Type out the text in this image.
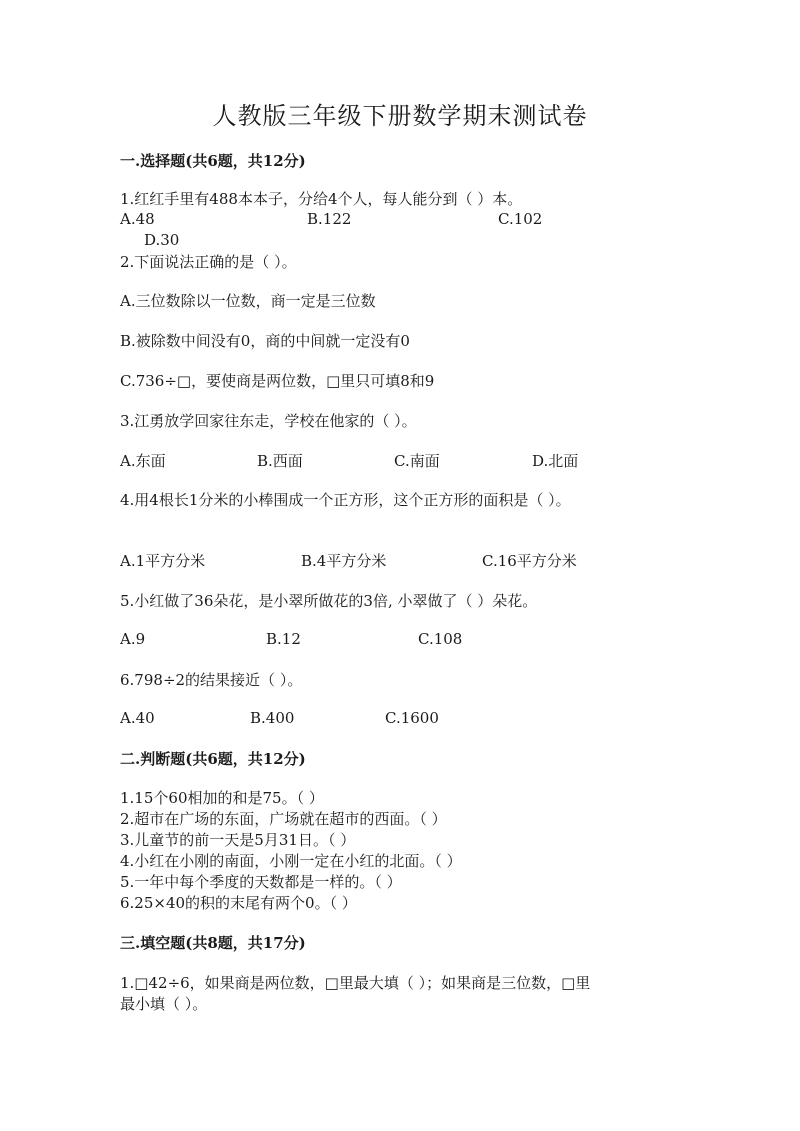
人教版三年级下册数学期末测试卷
一.选择题(共6题，共12分)
1.红红手里有488本本子，分给4个人，每人能分到（ ）本。
A.48	B.122	C.102
D.30
2.下面说法正确的是（ ）。
A.三位数除以一位数，商一定是三位数
B.被除数中间没有0，商的中间就一定没有0
C.736÷□，要使商是两位数，□里只可填8和9
3.江勇放学回家往东走，学校在他家的（ ）。
A.东面	B.西面	C.南面	D.北面
4.用4根长1分米的小棒围成一个正方形，这个正方形的面积是（ ）。
A.1平方分米	B.4平方分米	C.16平方分米
5.小红做了36朵花，是小翠所做花的3倍, 小翠做了（ ）朵花。
A.9	B.12	C.108
6.798÷2的结果接近（ ）。
A.40	B.400	C.1600
二.判断题(共6题，共12分)
1.15个60相加的和是75。（ ）
2.超市在广场的东面，广场就在超市的西面。（ ）
3.儿童节的前一天是5月31日。（ ）
4.小红在小刚的南面，小刚一定在小红的北面。（ ）
5.一年中每个季度的天数都是一样的。（ ）
6.25×40的积的末尾有两个0。（ ）
三.填空题(共8题，共17分)
1.□42÷6，如果商是两位数，□里最大填（ ）；如果商是三位数，□里
最小填（ ）。
